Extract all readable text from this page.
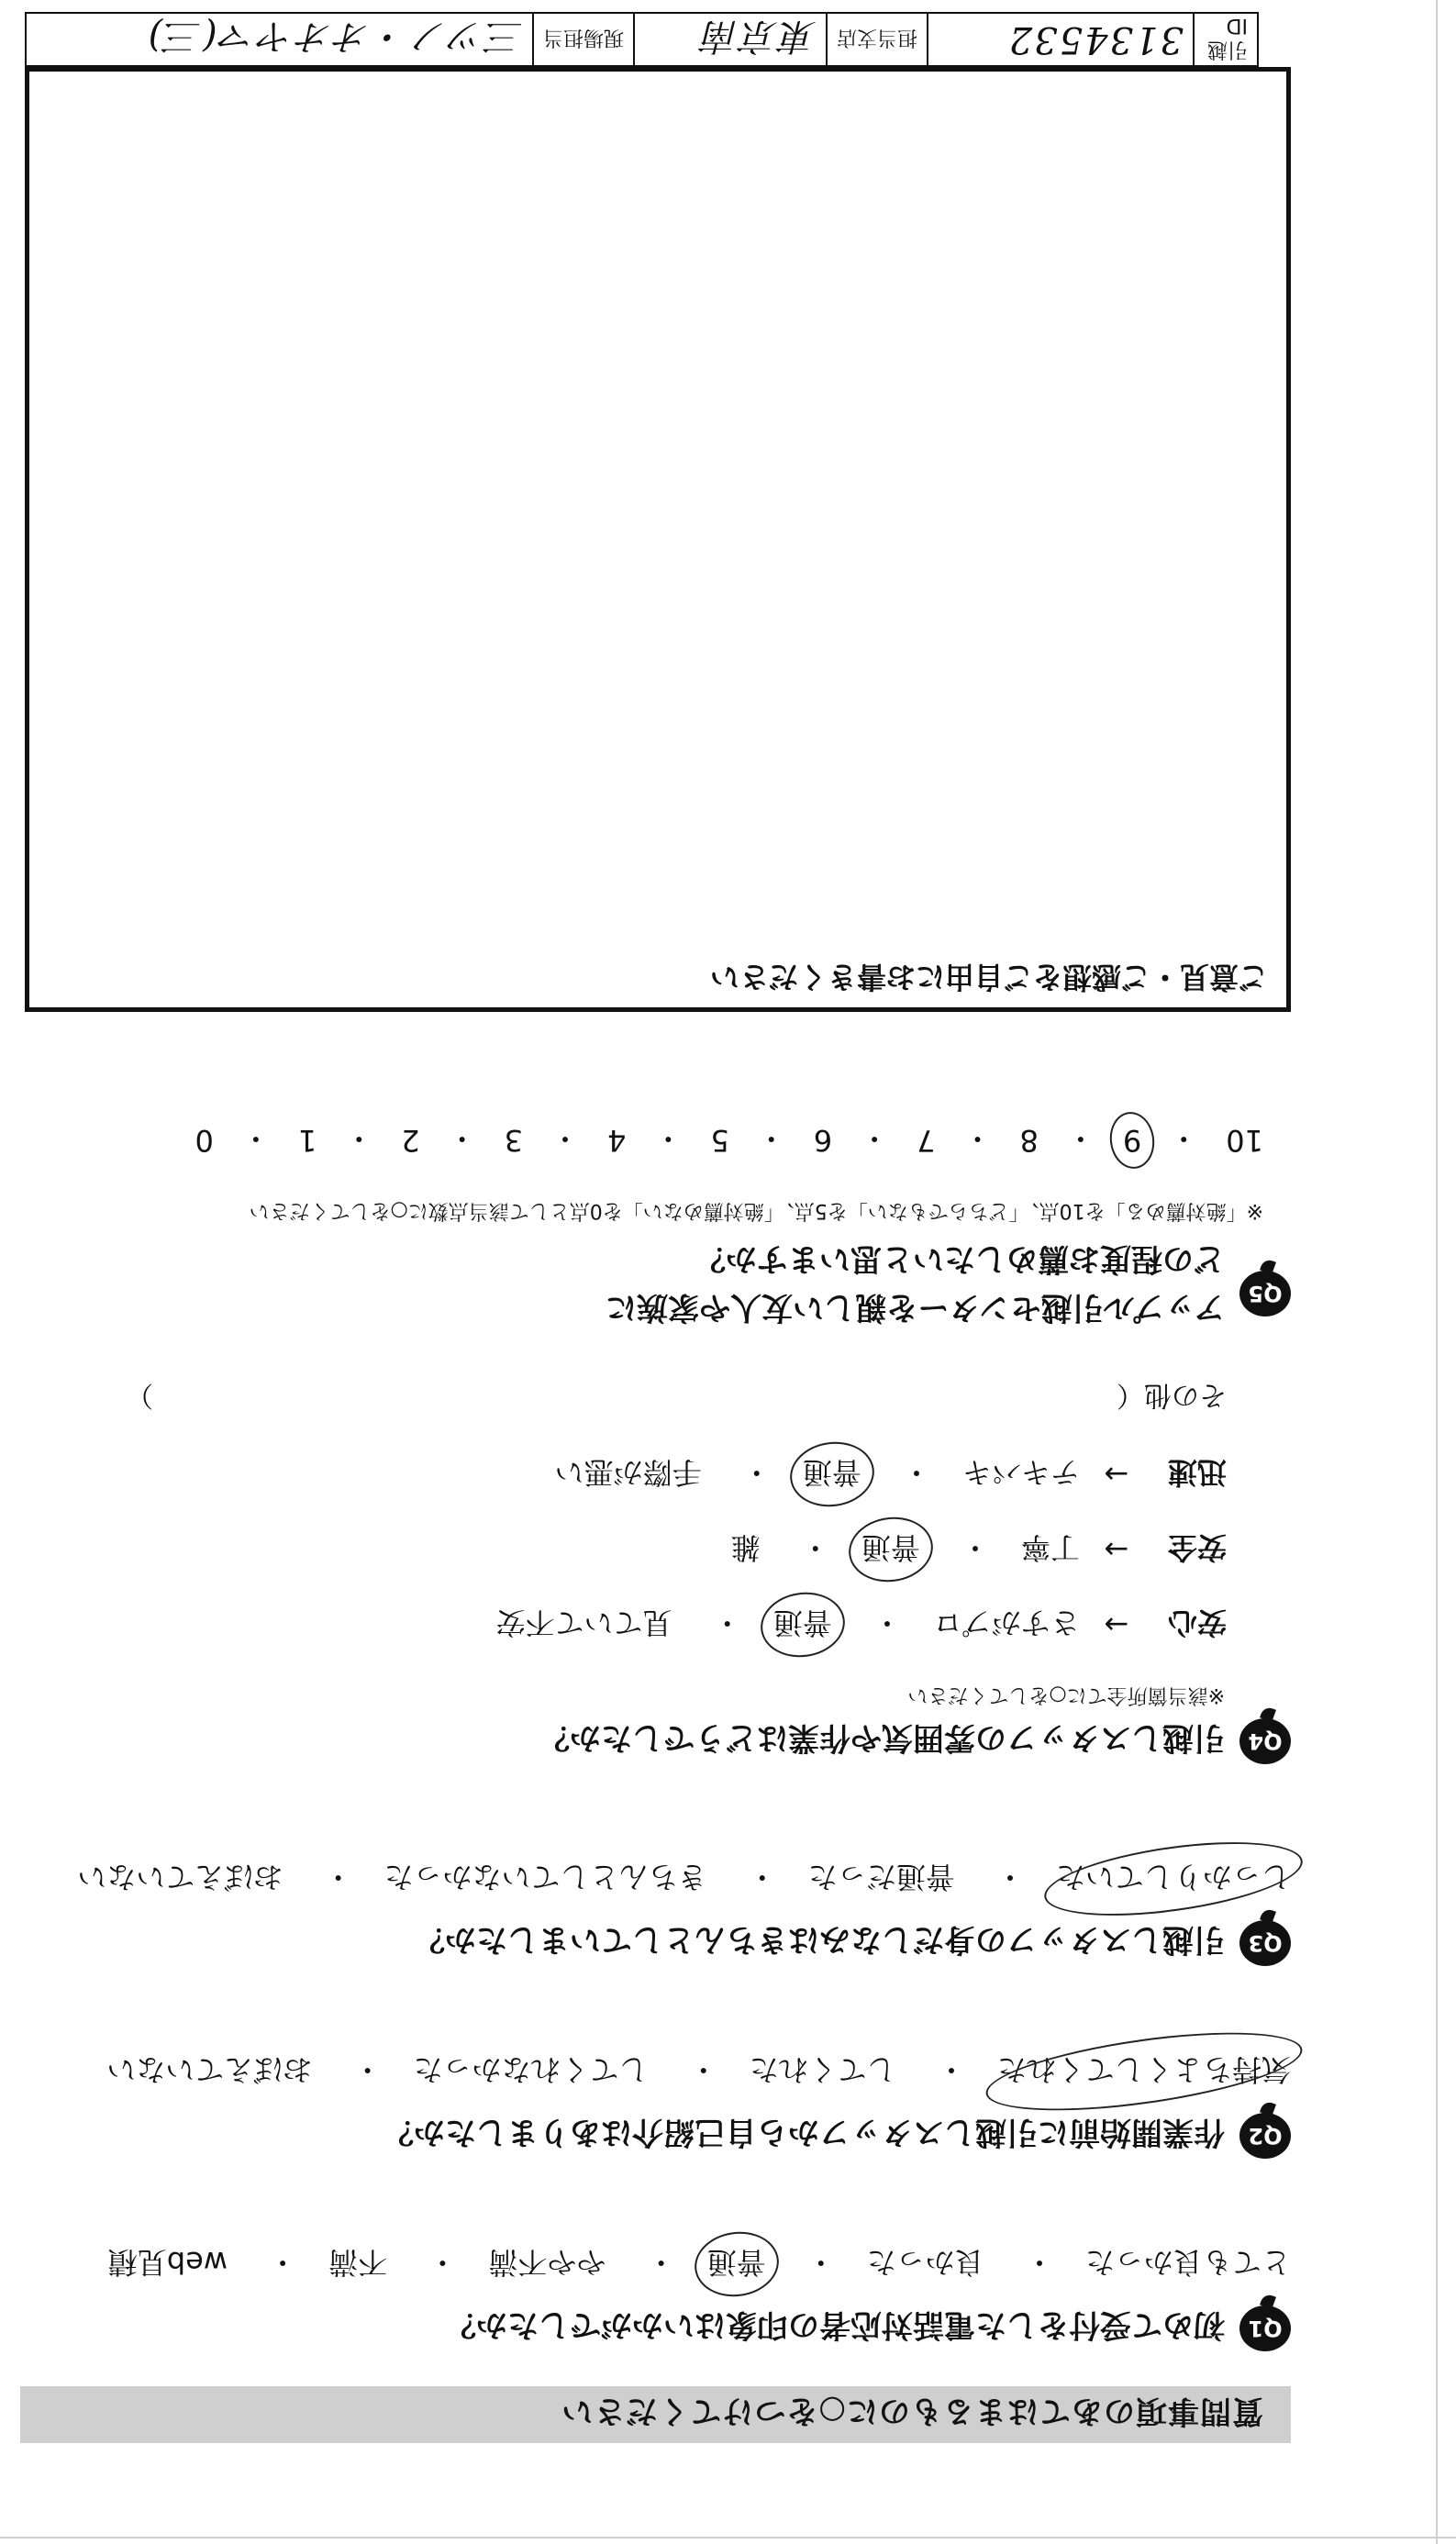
質問事項のあてはまるものに○をつけてください
Q1
初めて受付をした電話対応者の印象はいかがでしたか？
とても良かった・ 良かった・ 普通・ やや不満・ 不満・ web見積
Q2
作業開始前に引越しスタッフから自己紹介はありましたか？
気持ちよくしてくれた・ してくれた・ してくれなかった・ おぼえていない
Q3
引越しスタッフの身だしなみはきちんとしていましたか？
しっかりしていた・ 普通だった・ きちんとしていなかった・ おぼえていない
Q4
引越しスタッフの雰囲気や作業はどうでしたか？
※該当箇所全てに○をしてください
安心
→
さすがプロ・ 普通・ 見ていて不安
安全
→
丁寧・ 普通・ 雑
迅速
→
テキパキ・ 普通・ 手際が悪い
その他
（
）
Q5
アップル引越センターを親しい友人や家族に
どの程度お薦めしたいと思いますか？
※「絶対薦める」を10点、「どちらでもない」を5点、「絶対薦めない」を0点として該当点数に○をしてください
10
・
9
・
8
・
7
・
6
・
5
・
4
・
3
・
2
・
1
・
0
ご意見・ご感想をご自由にお書きください
引越ID
3134532
担当支店
東京南
現場担当
三ツノ・オオヤマ(三)
